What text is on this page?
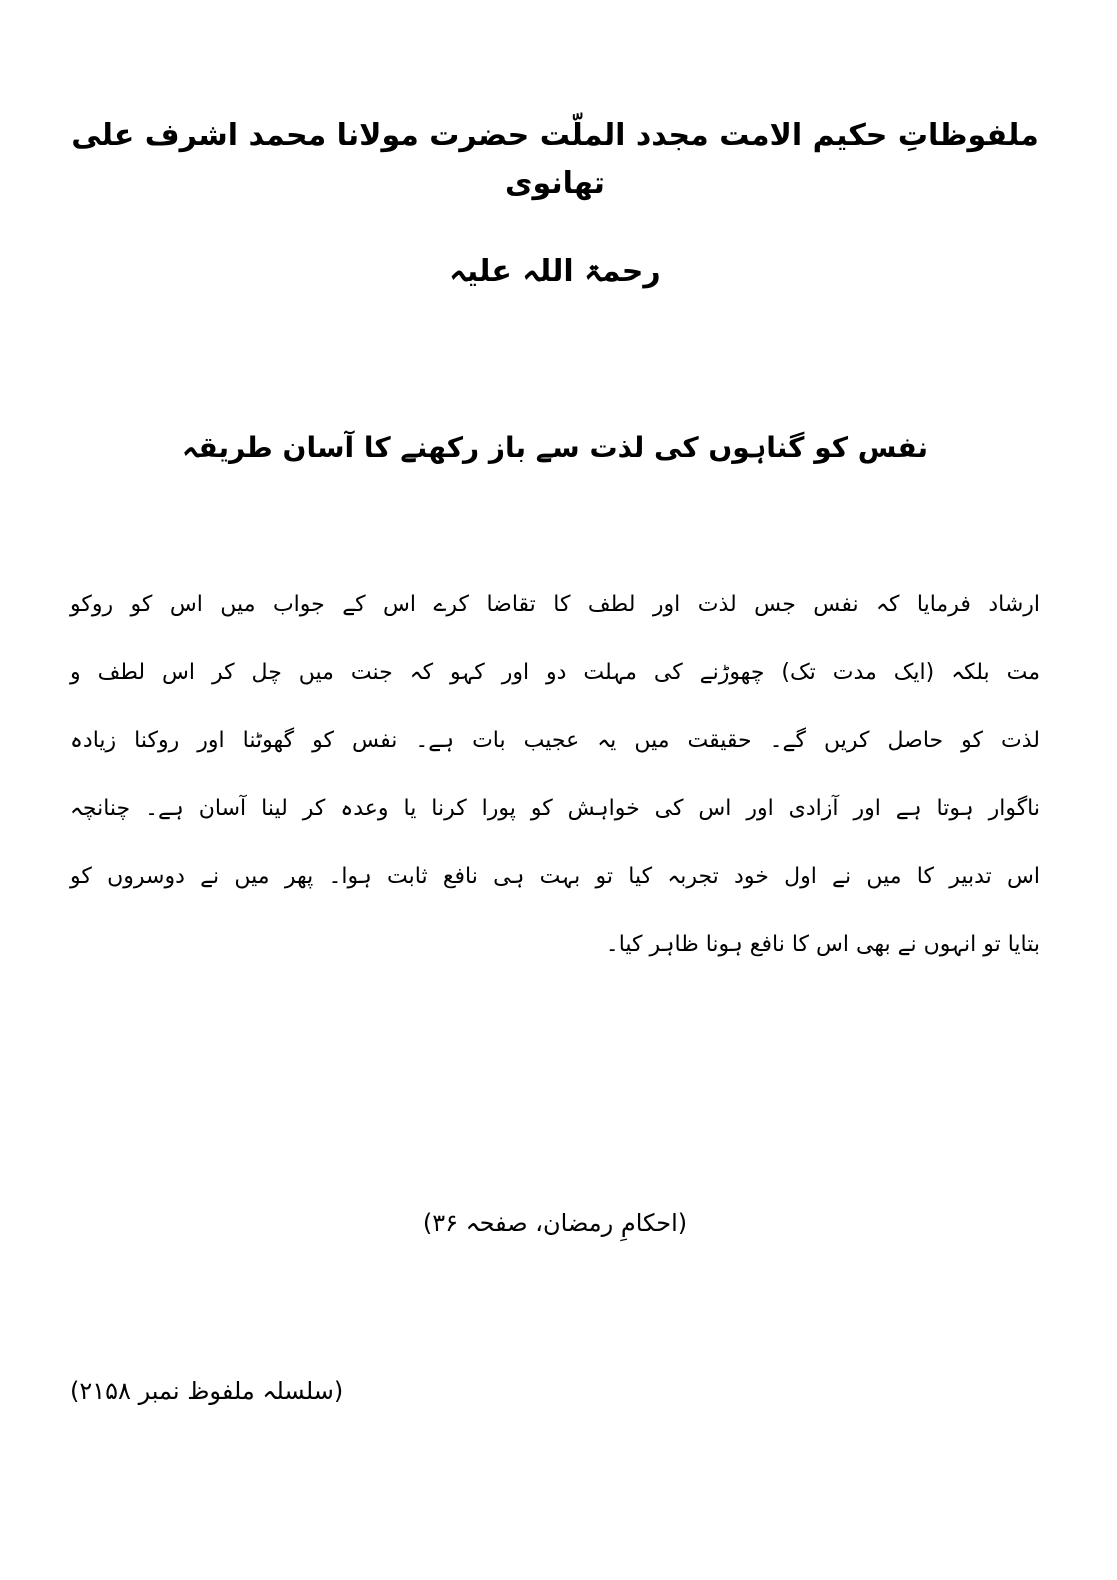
ملفوظاتِ حکیم الامت مجدد الملّت حضرت مولانا محمد اشرف علی تھانوی
رحمۃ اللہ علیہ
نفس کو گناہوں کی لذت سے باز رکھنے کا آسان طریقہ
ارشاد فرمایا کہ نفس جس لذت اور لطف کا تقاضا کرے اس کے جواب میں اس کو روکو
مت بلکہ (ایک مدت تک) چھوڑنے کی مہلت دو اور کہو کہ جنت میں چل کر اس لطف و
لذت کو حاصل کریں گے۔ حقیقت میں یہ عجیب بات ہے۔ نفس کو گھوٹنا اور روکنا زیادہ
ناگوار ہوتا ہے اور آزادی اور اس کی خواہش کو پورا کرنا یا وعدہ کر لینا آسان ہے۔ چنانچہ
اس تدبیر کا میں نے اول خود تجربہ کیا تو بہت ہی نافع ثابت ہوا۔ پھر میں نے دوسروں کو
بتایا تو انہوں نے بھی اس کا نافع ہونا ظاہر کیا۔
(احکامِ رمضان، صفحہ ۳۶)
(سلسلہ ملفوظ نمبر ۲۱۵۸)
